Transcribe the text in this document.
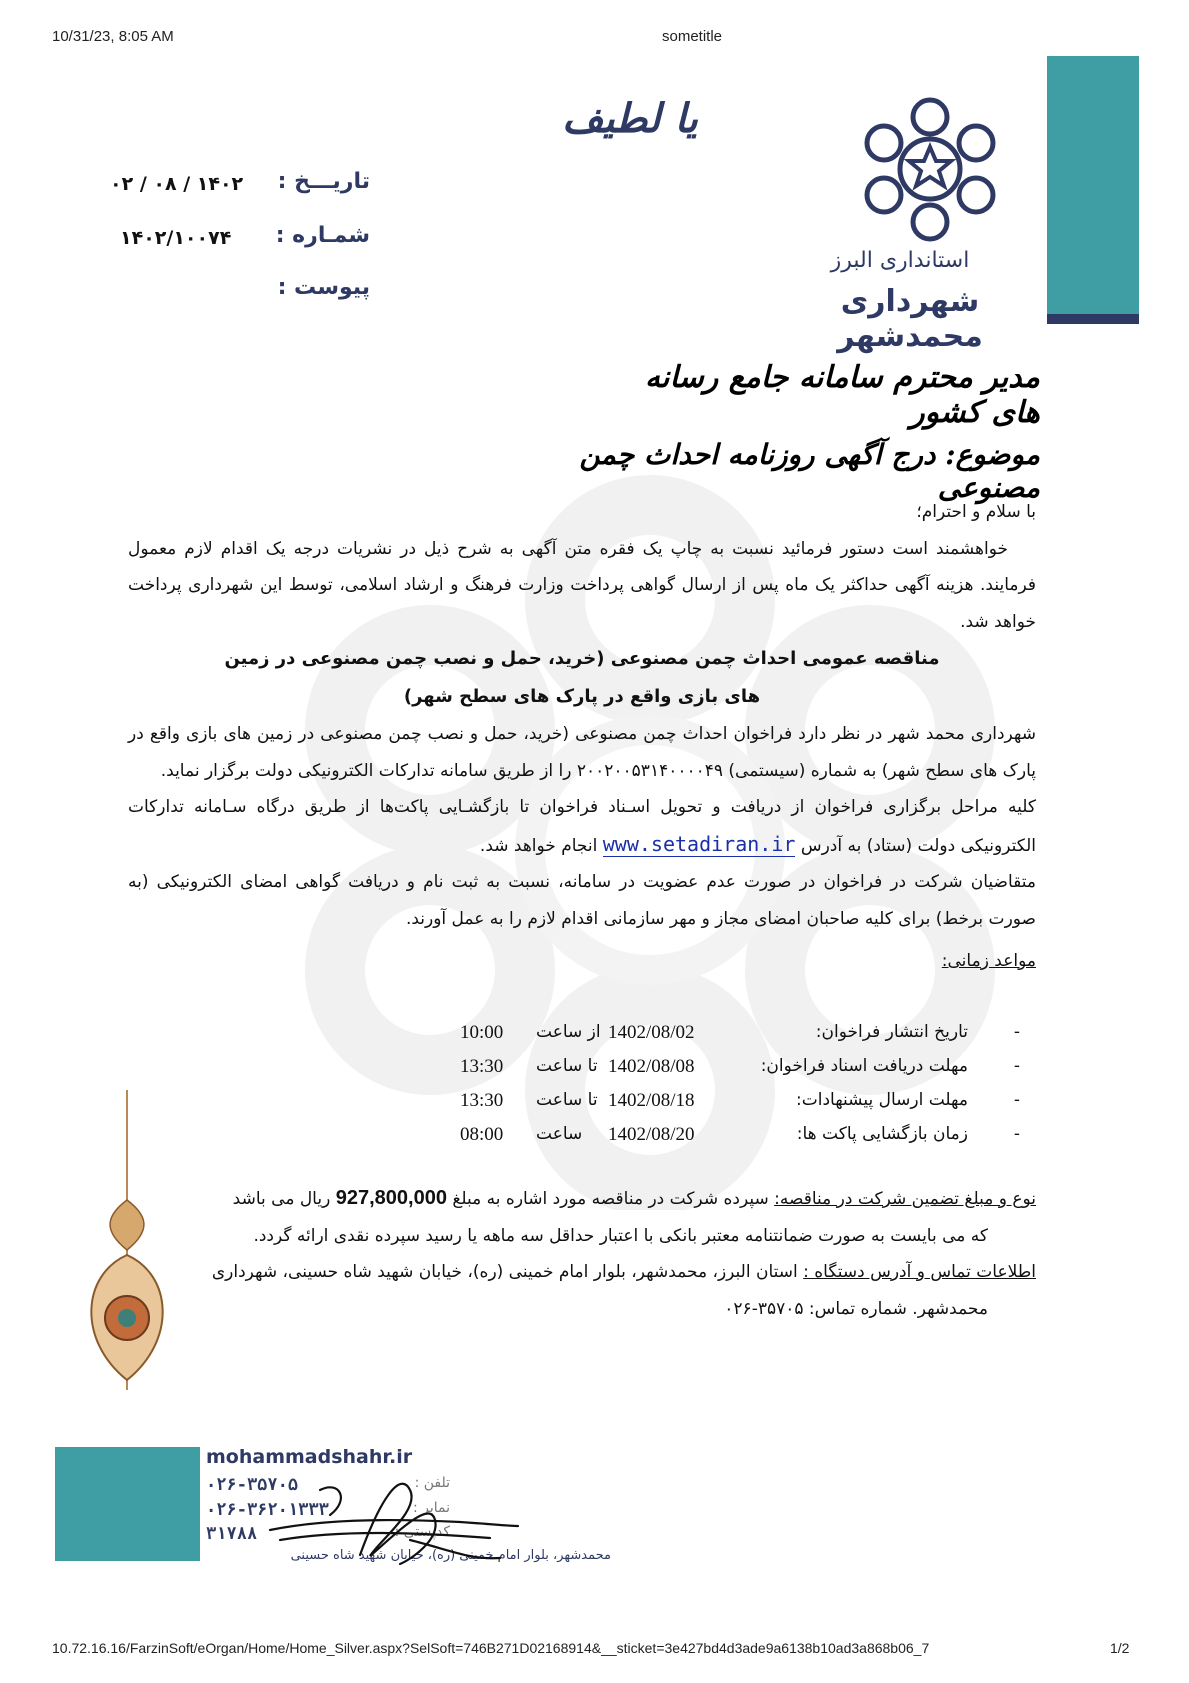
10/31/23, 8:05 AM	sometitle
استانداری البرز
شهرداری محمدشهر
یا لطیف
تاریـــخ :
۱۴۰۲ / ۰۸ / ۰۲
شمـاره :
۱۴۰۲/۱۰۰۷۴
پیوست :
مدیر محترم سامانه جامع رسانه های کشور
موضوع: درج آگهی روزنامه احداث چمن مصنوعی
با سلام و احترام؛
خواهشمند است دستور فرمائید نسبت به چاپ یک فقره متن آگهی به شرح ذیل در نشریات درجه یک اقدام لازم معمول فرمایند. هزینه آگهی حداکثر یک ماه پس از ارسال گواهی پرداخت وزارت فرهنگ و ارشاد اسلامی، توسط این شهرداری پرداخت خواهد شد.
مناقصه عمومی احداث چمن مصنوعی (خرید، حمل و نصب چمن مصنوعی در زمین های بازی واقع در پارک های سطح شهر)
شهرداری محمد شهر در نظر دارد فراخوان احداث چمن مصنوعی (خرید، حمل و نصب چمن مصنوعی در زمین های بازی واقع در پارک های سطح شهر) به شماره (سیستمی) ۲۰۰۲۰۰۵۳۱۴۰۰۰۰۴۹ را از طریق سامانه تدارکات الکترونیکی دولت برگزار نماید.
کلیه مراحل برگزاری فراخوان از دریافت و تحویل اسـناد فراخوان تا بازگشـایی پاکت‌ها از طریق درگاه سـامانه تدارکات الکترونیکی دولت (ستاد) به آدرس www.setadiran.ir انجام خواهد شد.
متقاضیان شرکت در فراخوان در صورت عدم عضویت در سامانه، نسبت به ثبت نام و دریافت گواهی امضای الکترونیکی (به صورت برخط) برای کلیه صاحبان امضای مجاز و مهر سازمانی اقدام لازم را به عمل آورند.
مواعد زمانی:
-
تاریخ انتشار فراخوان:
1402/08/02
از ساعت
10:00
-
مهلت دریافت اسناد فراخوان:
1402/08/08
تا ساعت
13:30
-
مهلت ارسال پیشنهادات:
1402/08/18
تا ساعت
13:30
-
زمان بازگشایی پاکت ها:
1402/08/20
ساعت
08:00
نوع و مبلغ تضمین شرکت در مناقصه: سپرده شرکت در مناقصه مورد اشاره به مبلغ 927,800,000 ریال می باشد
که می بایست به صورت ضمانتنامه معتبر بانکی با اعتبار حداقل سه ماهه یا رسید سپرده نقدی ارائه گردد.
اطلاعات تماس و آدرس دستگاه : استان البرز، محمدشهر، بلوار امام خمینی (ره)، خیابان شهید شاه حسینی، شهرداری
محمدشهر. شماره تماس: ۳۵۷۰۵-۰۲۶
mohammadshahr.ir
۰۲۶-۳۵۷۰۵	تلفن :
۰۲۶-۳۶۲۰۱۳۳۳	نمابر :
۳۱۷۸۸	کدپستی :
محمدشهر، بلوار امام خمینی (ره)، خیابان شهید شاه حسینی
10.72.16.16/FarzinSoft/eOrgan/Home/Home_Silver.aspx?SelSoft=746B271D02168914&__sticket=3e427bd4d3ade9a6138b10ad3a868b06_7	1/2
